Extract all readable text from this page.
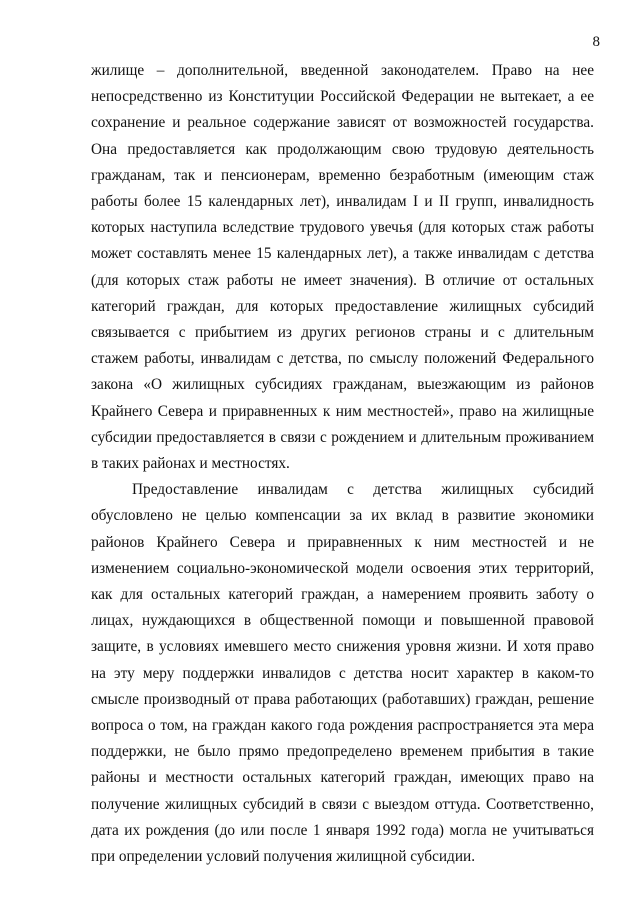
8

жилище – дополнительной, введенной законодателем. Право на нее непосредственно из Конституции Российской Федерации не вытекает, а ее сохранение и реальное содержание зависят от возможностей государства. Она предоставляется как продолжающим свою трудовую деятельность гражданам, так и пенсионерам, временно безработным (имеющим стаж работы более 15 календарных лет), инвалидам I и II групп, инвалидность которых наступила вследствие трудового увечья (для которых стаж работы может составлять менее 15 календарных лет), а также инвалидам с детства (для которых стаж работы не имеет значения). В отличие от остальных категорий граждан, для которых предоставление жилищных субсидий связывается с прибытием из других регионов страны и с длительным стажем работы, инвалидам с детства, по смыслу положений Федерального закона «О жилищных субсидиях гражданам, выезжающим из районов Крайнего Севера и приравненных к ним местностей», право на жилищные субсидии предоставляется в связи с рождением и длительным проживанием в таких районах и местностях.

Предоставление инвалидам с детства жилищных субсидий обусловлено не целью компенсации за их вклад в развитие экономики районов Крайнего Севера и приравненных к ним местностей и не изменением социально-экономической модели освоения этих территорий, как для остальных категорий граждан, а намерением проявить заботу о лицах, нуждающихся в общественной помощи и повышенной правовой защите, в условиях имевшего место снижения уровня жизни. И хотя право на эту меру поддержки инвалидов с детства носит характер в каком-то смысле производный от права работающих (работавших) граждан, решение вопроса о том, на граждан какого года рождения распространяется эта мера поддержки, не было прямо предопределено временем прибытия в такие районы и местности остальных категорий граждан, имеющих право на получение жилищных субсидий в связи с выездом оттуда. Соответственно, дата их рождения (до или после 1 января 1992 года) могла не учитываться при определении условий получения жилищной субсидии.
